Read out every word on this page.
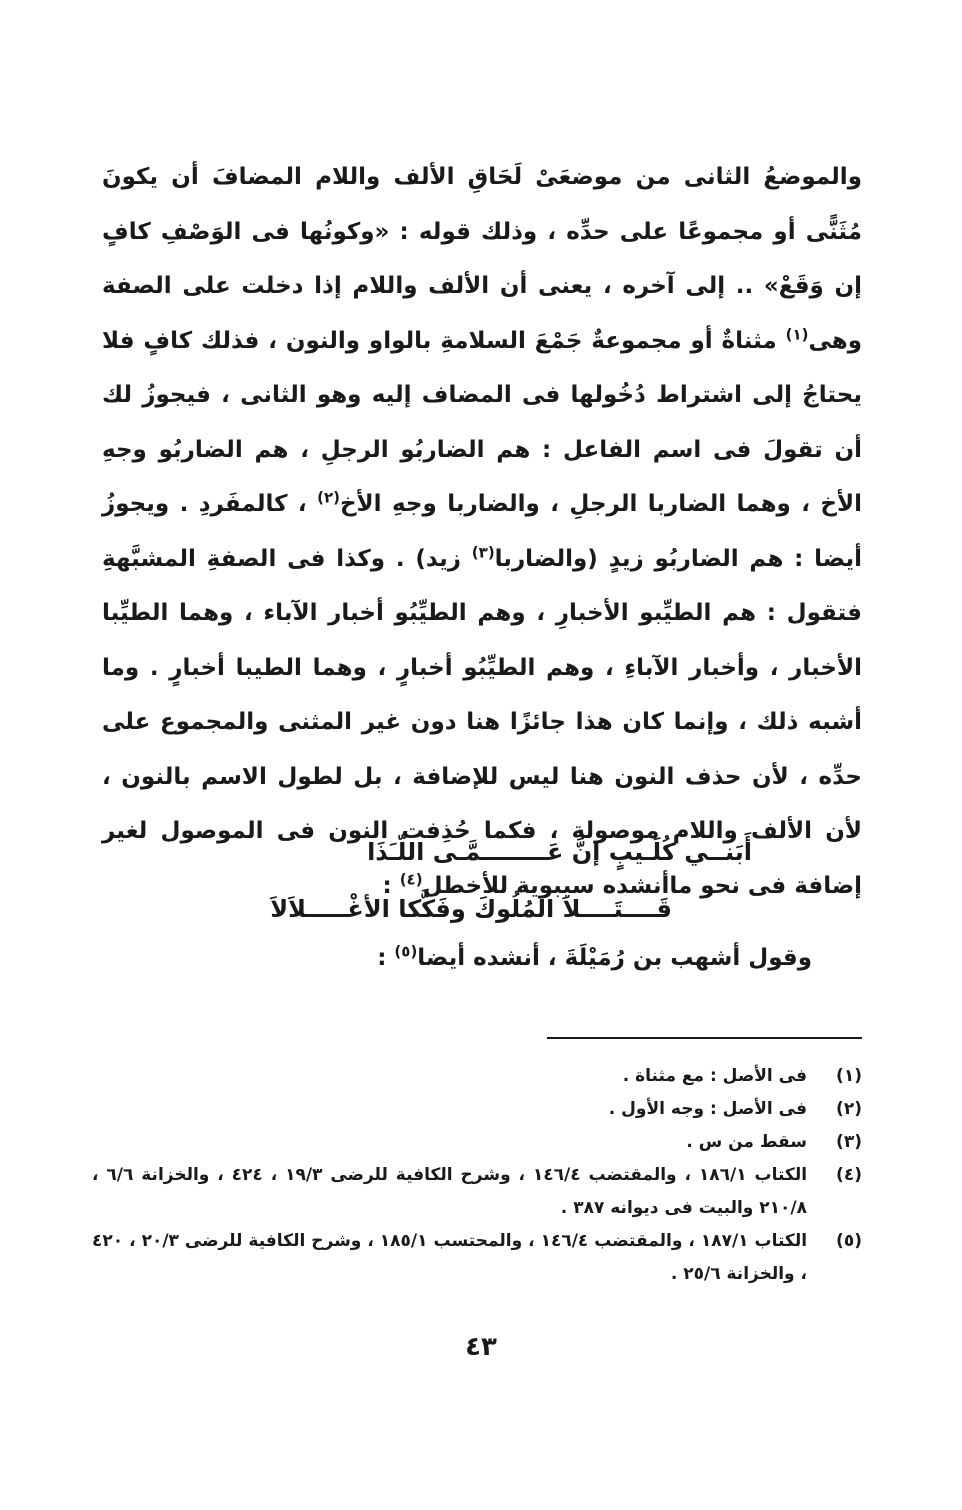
والموضعُ الثانى من موضعَىْ لَحَاقِ الألف واللام المضافَ أن يكونَ مُثَنًّى أو مجموعًا على حدِّه ، وذلك قوله : «وكونُها فى الوَصْفِ كافٍ إن وَقَعْ» .. إلى آخره ، يعنى أن الألف واللام إذا دخلت على الصفة وهى$^{(١)}$ مثناةٌ أو مجموعةٌ جَمْعَ السلامةِ بالواو والنون ، فذلك كافٍ فلا يحتاجُ إلى اشتراط دُخُولها فى المضاف إليه وهو الثانى ، فيجوزُ لك أن تقولَ فى اسم الفاعل : هم الضاربُو الرجلِ ، هم الضاربُو وجهِ الأخ ، وهما الضاربا الرجلِ ، والضاربا وجهِ الأخ$^{(٢)}$ ، كالمفَردِ . ويجوزُ أيضا : هم الضاربُو زيدٍ (والضاربا$^{(٣)}$ زيد) . وكذا فى الصفةِ المشبَّهةِ فتقول : هم الطيِّبو الأخبارِ ، وهم الطيِّبُو أخبار الآباء ، وهما الطيِّبا الأخبار ، وأخبار الآباءِ ، وهم الطيِّبُو أخبارٍ ، وهما الطيبا أخبارٍ . وما أشبه ذلك ، وإنما كان هذا جائزًا هنا دون غير المثنى والمجموع على حدِّه ، لأن حذف النون هنا ليس للإضافة ، بل لطول الاسم بالنون ، لأن الألف واللام موصولة ، فكما حُذِفت النون فى الموصول لغير إضافة فى نحو ماأنشده سيبوية للأخطل$^{(٤)}$ :

أَبَنــي كُلَـيبٍ إنَّ عَــــــــمَّـى اللّـَذَا
قَــــتَــــلاَ المُلُوكَ وفَكَّكا الأغْـــــلاَلاَ
وقول أشهب بن رُمَيْلَةَ ، أنشده أيضا$^{(٥)}$ :
(١)
فى الأصل : مع مثناة .
(٢)
فى الأصل : وجه الأول .
(٣)
سقط من س .
(٤)
الكتاب ١٨٦/١ ، والمقتضب ١٤٦/٤ ، وشرح الكافية للرضى ١٩/٣ ، ٤٢٤ ، والخزانة ٦/٦ ، ٢١٠/٨ والبيت فى ديوانه ٣٨٧ .
(٥)
الكتاب ١٨٧/١ ، والمقتضب ١٤٦/٤ ، والمحتسب ١٨٥/١ ، وشرح الكافية للرضى ٢٠/٣ ، ٤٢٠ ، والخزانة ٢٥/٦ .
٤٣
